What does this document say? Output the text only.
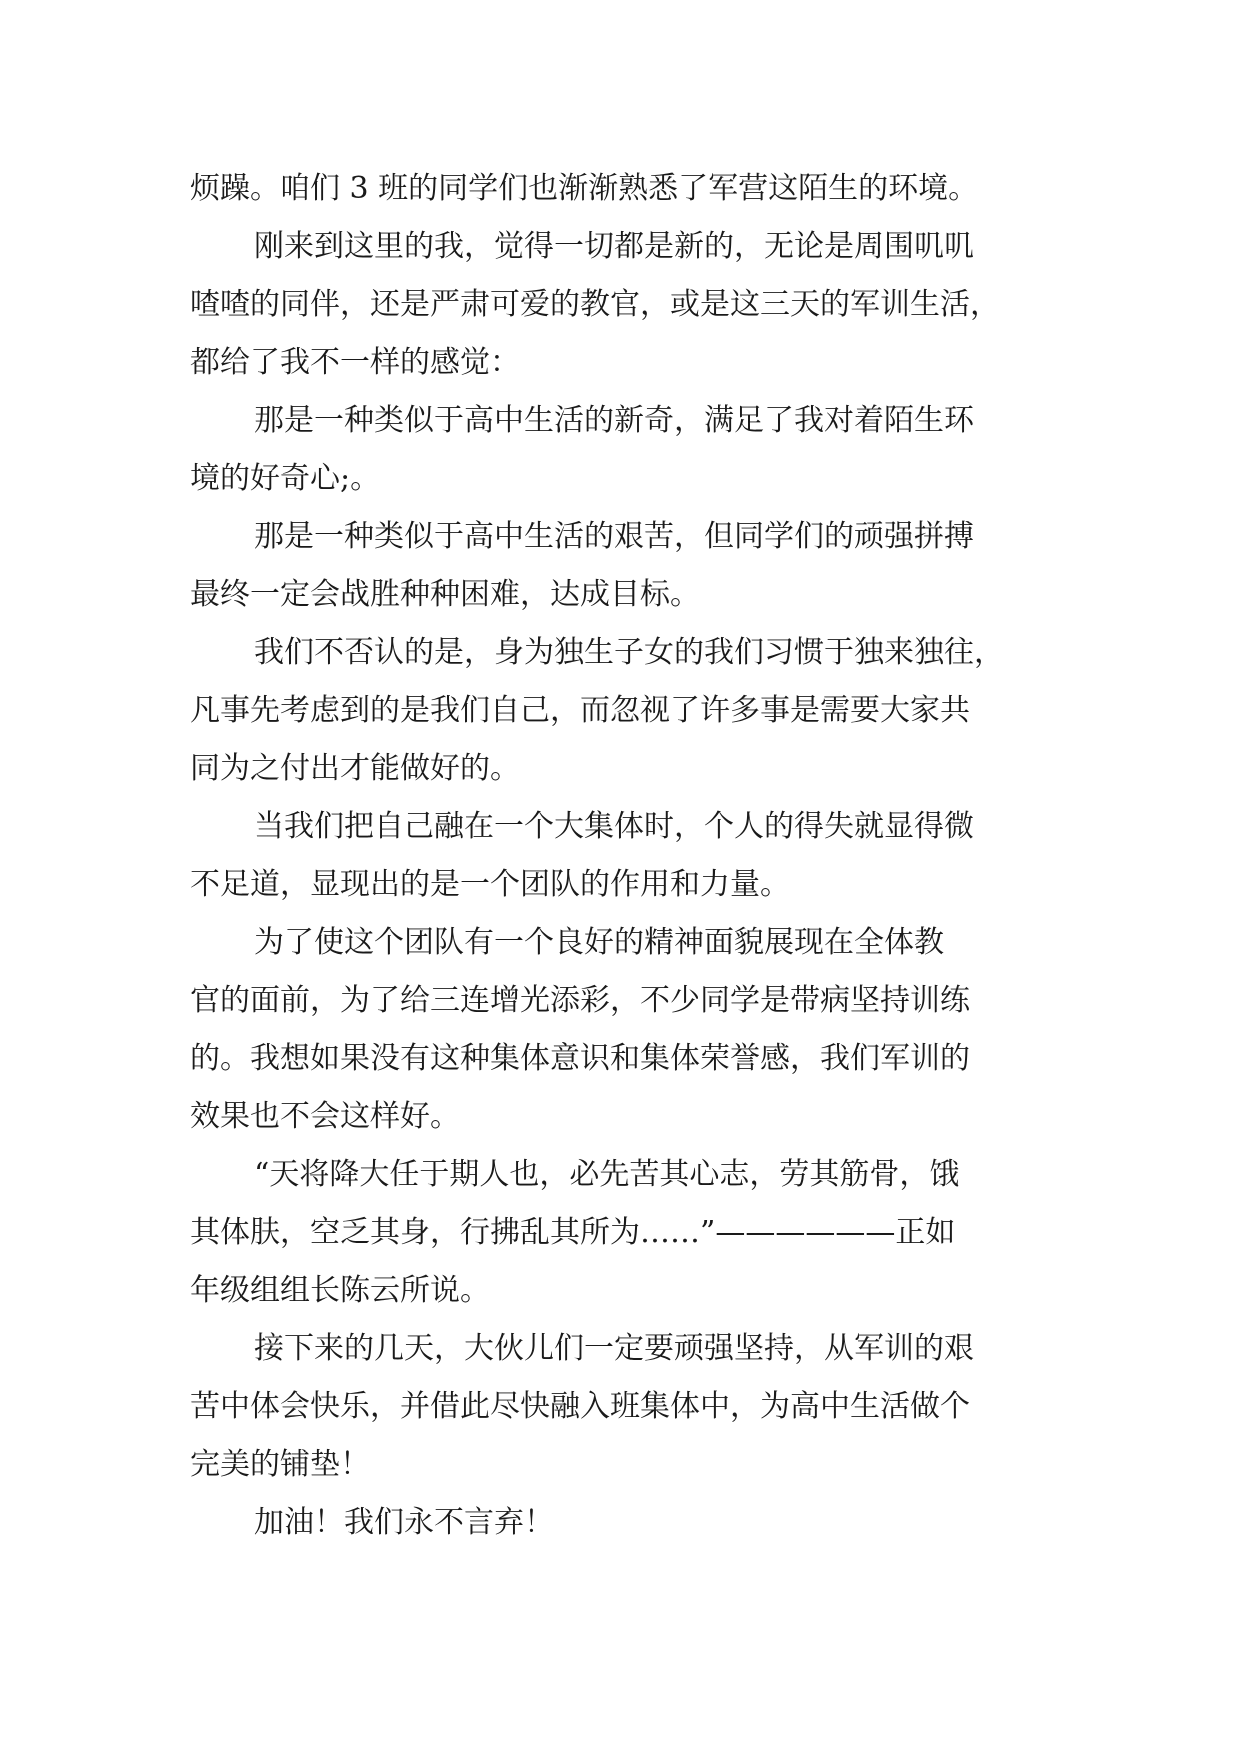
烦躁。咱们 3 班的同学们也渐渐熟悉了军营这陌生的环境。
刚来到这里的我，觉得一切都是新的，无论是周围叽叽
喳喳的同伴，还是严肃可爱的教官，或是这三天的军训生活，
都给了我不一样的感觉：
那是一种类似于高中生活的新奇，满足了我对着陌生环
境的好奇心;。
那是一种类似于高中生活的艰苦，但同学们的顽强拼搏
最终一定会战胜种种困难，达成目标。
我们不否认的是，身为独生子女的我们习惯于独来独往，
凡事先考虑到的是我们自己，而忽视了许多事是需要大家共
同为之付出才能做好的。
当我们把自己融在一个大集体时，个人的得失就显得微
不足道，显现出的是一个团队的作用和力量。
为了使这个团队有一个良好的精神面貌展现在全体教
官的面前，为了给三连增光添彩，不少同学是带病坚持训练
的。我想如果没有这种集体意识和集体荣誉感，我们军训的
效果也不会这样好。
“天将降大任于期人也，必先苦其心志，劳其筋骨，饿
其体肤，空乏其身，行拂乱其所为……”——————正如
年级组组长陈云所说。
接下来的几天，大伙儿们一定要顽强坚持，从军训的艰
苦中体会快乐，并借此尽快融入班集体中，为高中生活做个
完美的铺垫！
加油！我们永不言弃！
